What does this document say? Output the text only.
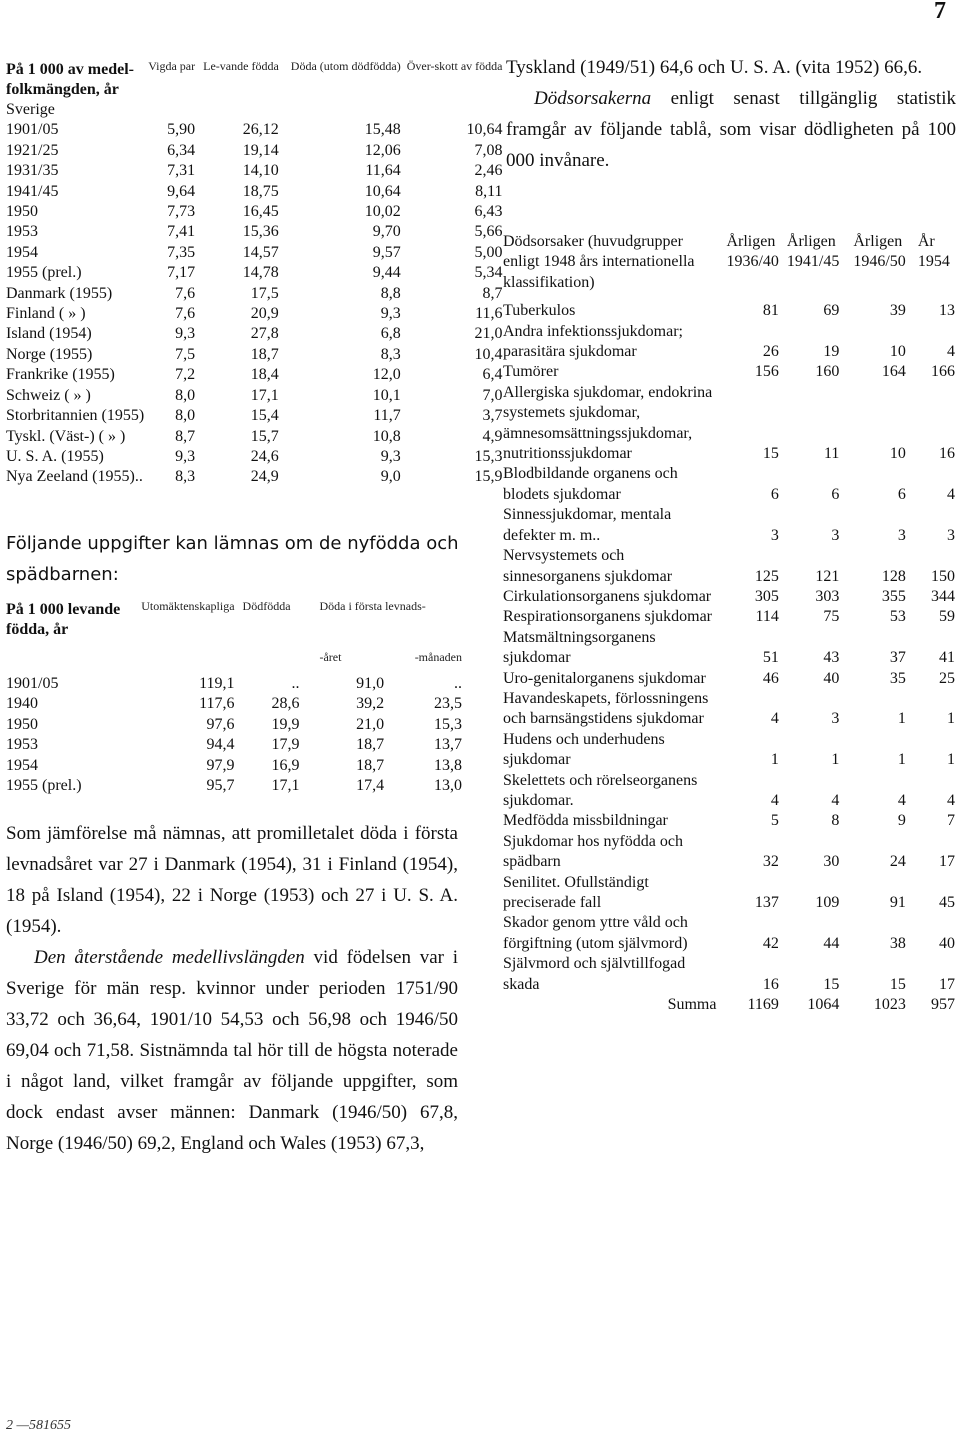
7
På 1 000 av medel-folkmängden, år	Vigda par	Le-vande födda	Döda (utom dödfödda)	Över-skott av födda
Sverige				
1901/05	5,90	26,12	15,48	10,64
1921/25	6,34	19,14	12,06	7,08
1931/35	7,31	14,10	11,64	2,46
1941/45	9,64	18,75	10,64	8,11
1950	7,73	16,45	10,02	6,43
1953	7,41	15,36	9,70	5,66
1954	7,35	14,57	9,57	5,00
1955 (prel.)	7,17	14,78	9,44	5,34
Danmark (1955)	7,6	17,5	8,8	8,7
Finland ( » )	7,6	20,9	9,3	11,6
Island (1954)	9,3	27,8	6,8	21,0
Norge (1955)	7,5	18,7	8,3	10,4
Frankrike (1955)	7,2	18,4	12,0	6,4
Schweiz ( » )	8,0	17,1	10,1	7,0
Storbritannien (1955)	8,0	15,4	11,7	3,7
Tyskl. (Väst-) ( » )	8,7	15,7	10,8	4,9
U. S. A. (1955)	9,3	24,6	9,3	15,3
Nya Zeeland (1955)..	8,3	24,9	9,0	15,9
Följande uppgifter kan lämnas om de nyfödda och spädbarnen:
På 1 000 levande födda, år	Utomäktenskapliga	Dödfödda	Döda i första levnads-	
			-året	-månaden
1901/05	119,1	..	91,0	..
1940	117,6	28,6	39,2	23,5
1950	97,6	19,9	21,0	15,3
1953	94,4	17,9	18,7	13,7
1954	97,9	16,9	18,7	13,8
1955 (prel.)	95,7	17,1	17,4	13,0

Som jämförelse må nämnas, att promilletalet döda i första levnadsåret var 27 i Danmark (1954), 31 i Finland (1954), 18 på Island (1954), 22 i Norge (1953) och 27 i U. S. A. (1954).

Den återstående medellivslängden vid födelsen var i Sverige för män resp. kvinnor under perioden 1751/90 33,72 och 36,64, 1901/10 54,53 och 56,98 och 1946/50 69,04 och 71,58. Sistnämnda tal hör till de högsta noterade i något land, vilket framgår av följande uppgifter, som dock endast avser männen: Danmark (1946/50) 67,8, Norge (1946/50) 69,2, England och Wales (1953) 67,3,

Tyskland (1949/51) 64,6 och U. S. A. (vita 1952) 66,6.

Dödsorsakerna enligt senast tillgänglig statistik framgår av följande tablå, som visar dödligheten på 100 000 invånare.

Dödsorsaker (huvudgrupper enligt 1948 års internationella klassifikation)	Årligen 1936/40	Årligen 1941/45	Årligen 1946/50	År 1954
Tuberkulos	81	69	39	13
Andra infektionssjukdomar; parasitära sjukdomar	26	19	10	4
Tumörer	156	160	164	166
Allergiska sjukdomar, endokrina systemets sjukdomar, ämnesomsättningssjukdomar, nutritionssjukdomar	15	11	10	16
Blodbildande organens och blodets sjukdomar	6	6	6	4
Sinnessjukdomar, mentala defekter m. m..	3	3	3	3
Nervsystemets och sinnesorganens sjukdomar	125	121	128	150
Cirkulationsorganens sjukdomar	305	303	355	344
Respirationsorganens sjukdomar	114	75	53	59
Matsmältningsorganens sjukdomar	51	43	37	41
Uro-genitalorganens sjukdomar	46	40	35	25
Havandeskapets, förlossningens och barnsängstidens sjukdomar	4	3	1	1
Hudens och underhudens sjukdomar	1	1	1	1
Skelettets och rörelseorganens sjukdomar.	4	4	4	4
Medfödda missbildningar	5	8	9	7
Sjukdomar hos nyfödda och spädbarn	32	30	24	17
Senilitet. Ofullständigt preciserade fall	137	109	91	45
Skador genom yttre våld och förgiftning (utom självmord)	42	44	38	40
Självmord och självtillfogad skada	16	15	15	17
Summa	1169	1064	1023	957
2 —581655
